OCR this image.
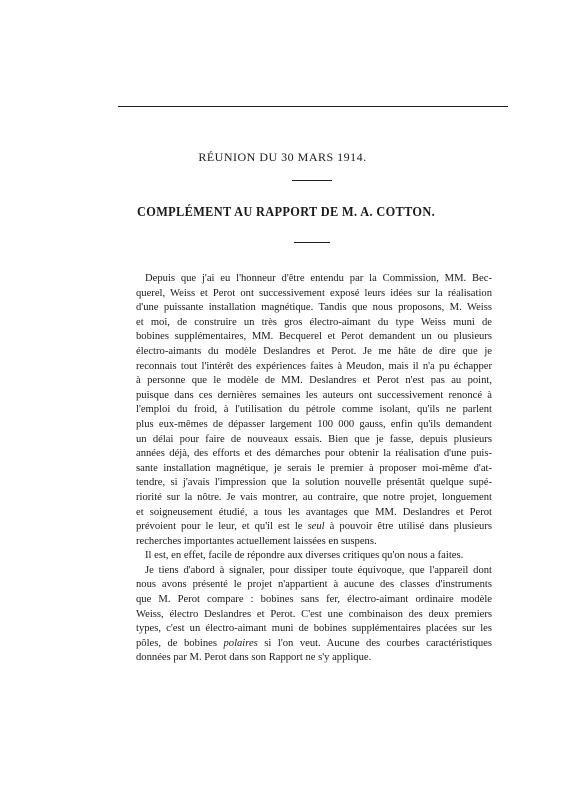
RÉUNION DU 30 MARS 1914.
COMPLÉMENT AU RAPPORT DE M. A. COTTON.
Depuis que j'ai eu l'honneur d'être entendu par la Commission, MM. Bec-
querel, Weiss et Perot ont successivement exposé leurs idées sur la réalisation
d'une puissante installation magnétique. Tandis que nous proposons, M. Weiss
et moi, de construire un très gros électro-aimant du type Weiss muni de
bobines supplémentaires, MM. Becquerel et Perot demandent un ou plusieurs
électro-aimants du modèle Deslandres et Perot. Je me hâte de dire que je
reconnais tout l'intérêt des expériences faites à Meudon, mais il n'a pu échapper
à personne que le modèle de MM. Deslandres et Perot n'est pas au point,
puisque dans ces dernières semaines les auteurs ont successivement renoncé à
l'emploi du froid, à l'utilisation du pétrole comme isolant, qu'ils ne parlent
plus eux-mêmes de dépasser largement 100 000 gauss, enfin qu'ils demandent
un délai pour faire de nouveaux essais. Bien que je fasse, depuis plusieurs
années déjà, des efforts et des démarches pour obtenir la réalisation d'une puis-
sante installation magnétique, je serais le premier à proposer moi-même d'at-
tendre, si j'avais l'impression que la solution nouvelle présentât quelque supé-
riorité sur la nôtre. Je vais montrer, au contraire, que notre projet, longuement
et soigneusement étudié, a tous les avantages que MM. Deslandres et Perot
prévoient pour le leur, et qu'il est le seul à pouvoir être utilisé dans plusieurs
recherches importantes actuellement laissées en suspens.
Il est, en effet, facile de répondre aux diverses critiques qu'on nous a faites.
Je tiens d'abord à signaler, pour dissiper toute équivoque, que l'appareil dont
nous avons présenté le projet n'appartient à aucune des classes d'instruments
que M. Perot compare : bobines sans fer, électro-aimant ordinaire modèle
Weiss, électro Deslandres et Perot. C'est une combinaison des deux premiers
types, c'est un électro-aimant muni de bobines supplémentaires placées sur les
pôles, de bobines polaires si l'on veut. Aucune des courbes caractéristiques
données par M. Perot dans son Rapport ne s'y applique.
